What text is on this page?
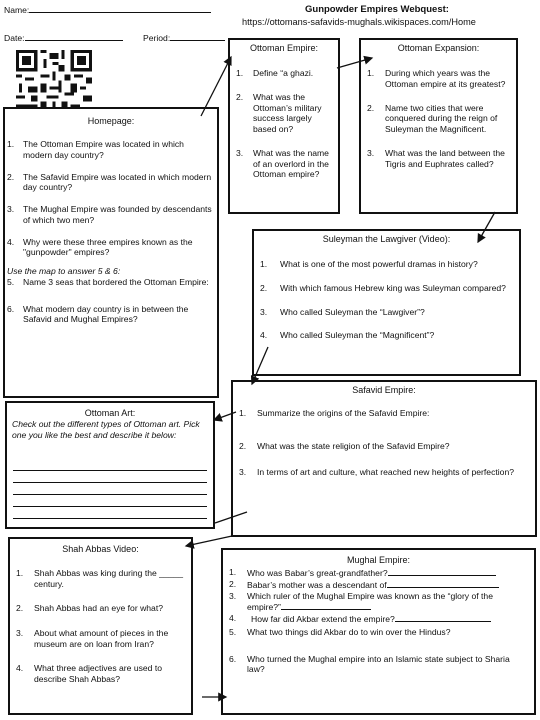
Name:
Date:	Period:
Gunpowder Empires Webquest:
https://ottomans-safavids-mughals.wikispaces.com/Home
Homepage:
1. The Ottoman Empire was located in which modern day country?
2. The Safavid Empire was located in which modern day country?
3. The Mughal Empire was founded by descendants of which two men?
4. Why were these three empires known as the "gunpowder" empires?
Use the map to answer 5 & 6:
5. Name 3 seas that bordered the Ottoman Empire:
6. What modern day country is in between the Safavid and Mughal Empires?
Ottoman Empire:
1. Define “a ghazi.
2. What was the Ottoman’s military success largely based on?
3. What was the name of an overlord in the Ottoman empire?
Ottoman Expansion:
1. During which years was the Ottoman empire at its greatest?
2. Name two cities that were conquered during the reign of Suleyman the Magnificent.
3. What was the land between the Tigris and Euphrates called?
Suleyman the Lawgiver (Video):
1. What is one of the most powerful dramas in history?
2. With which famous Hebrew king was Suleyman compared?
3. Who called Suleyman the “Lawgiver”?
4. Who called Suleyman the “Magnificent”?
Safavid Empire:
1. Summarize the origins of the Safavid Empire:
2. What was the state religion of the Safavid Empire?
3. In terms of art and culture, what reached new heights of perfection?
Ottoman Art:
Check out the different types of Ottoman art. Pick one you like the best and describe it below:
Shah Abbas Video:
1. Shah Abbas was king during the _____ century.
2. Shah Abbas had an eye for what?
3. About what amount of pieces in the museum are on loan from Iran?
4. What three adjectives are used to describe Shah Abbas?
Mughal Empire:
1. Who was Babar’s great-grandfather?
2. Babar’s mother was a descendant of
3. Which ruler of the Mughal Empire was known as the “glory of the empire?”
4. How far did Akbar extend the empire?
5. What two things did Akbar do to win over the Hindus?
6. Who turned the Mughal empire into an Islamic state subject to Sharia law?
